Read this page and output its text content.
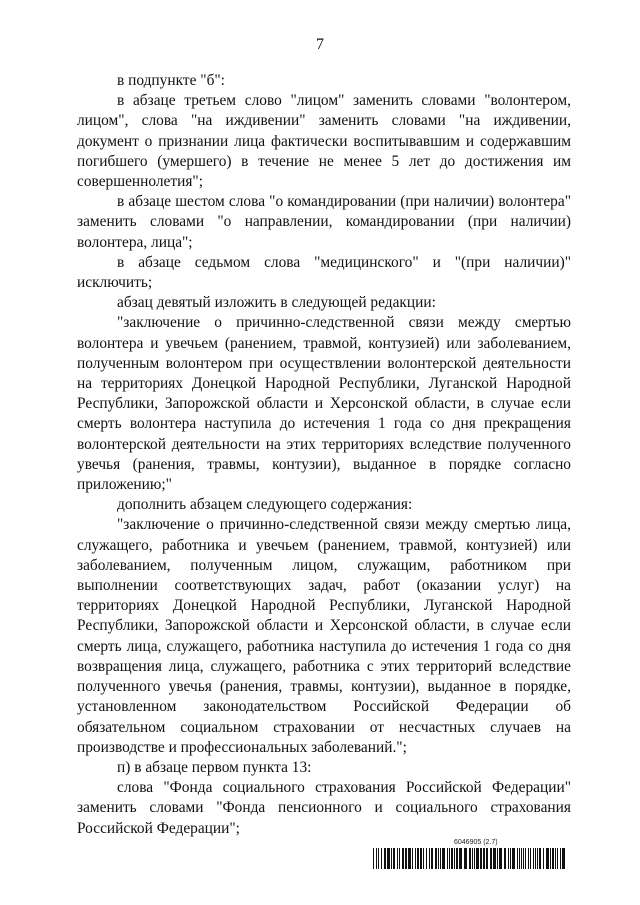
7

в подпункте "б":

в абзаце третьем слово "лицом" заменить словами "волонтером, лицом", слова "на иждивении" заменить словами "на иждивении, документ о признании лица фактически воспитывавшим и содержавшим погибшего (умершего) в течение не менее 5 лет до достижения им совершеннолетия";

в абзаце шестом слова "о командировании (при наличии) волонтера" заменить словами "о направлении, командировании (при наличии) волонтера, лица";

в абзаце седьмом слова "медицинского" и "(при наличии)" исключить;

абзац девятый изложить в следующей редакции:

"заключение о причинно-следственной связи между смертью волонтера и увечьем (ранением, травмой, контузией) или заболеванием, полученным волонтером при осуществлении волонтерской деятельности на территориях Донецкой Народной Республики, Луганской Народной Республики, Запорожской области и Херсонской области, в случае если смерть волонтера наступила до истечения 1 года со дня прекращения волонтерской деятельности на этих территориях вследствие полученного увечья (ранения, травмы, контузии), выданное в порядке согласно приложению;"

дополнить абзацем следующего содержания:

"заключение о причинно-следственной связи между смертью лица, служащего, работника и увечьем (ранением, травмой, контузией) или заболеванием, полученным лицом, служащим, работником при выполнении соответствующих задач, работ (оказании услуг) на территориях Донецкой Народной Республики, Луганской Народной Республики, Запорожской области и Херсонской области, в случае если смерть лица, служащего, работника наступила до истечения 1 года со дня возвращения лица, служащего, работника с этих территорий вследствие полученного увечья (ранения, травмы, контузии), выданное в порядке, установленном законодательством Российской Федерации об обязательном социальном страховании от несчастных случаев на производстве и профессиональных заболеваний.";

п) в абзаце первом пункта 13:

слова "Фонда социального страхования Российской Федерации" заменить словами "Фонда пенсионного и социального страхования Российской Федерации";

6046905 (2.7)
